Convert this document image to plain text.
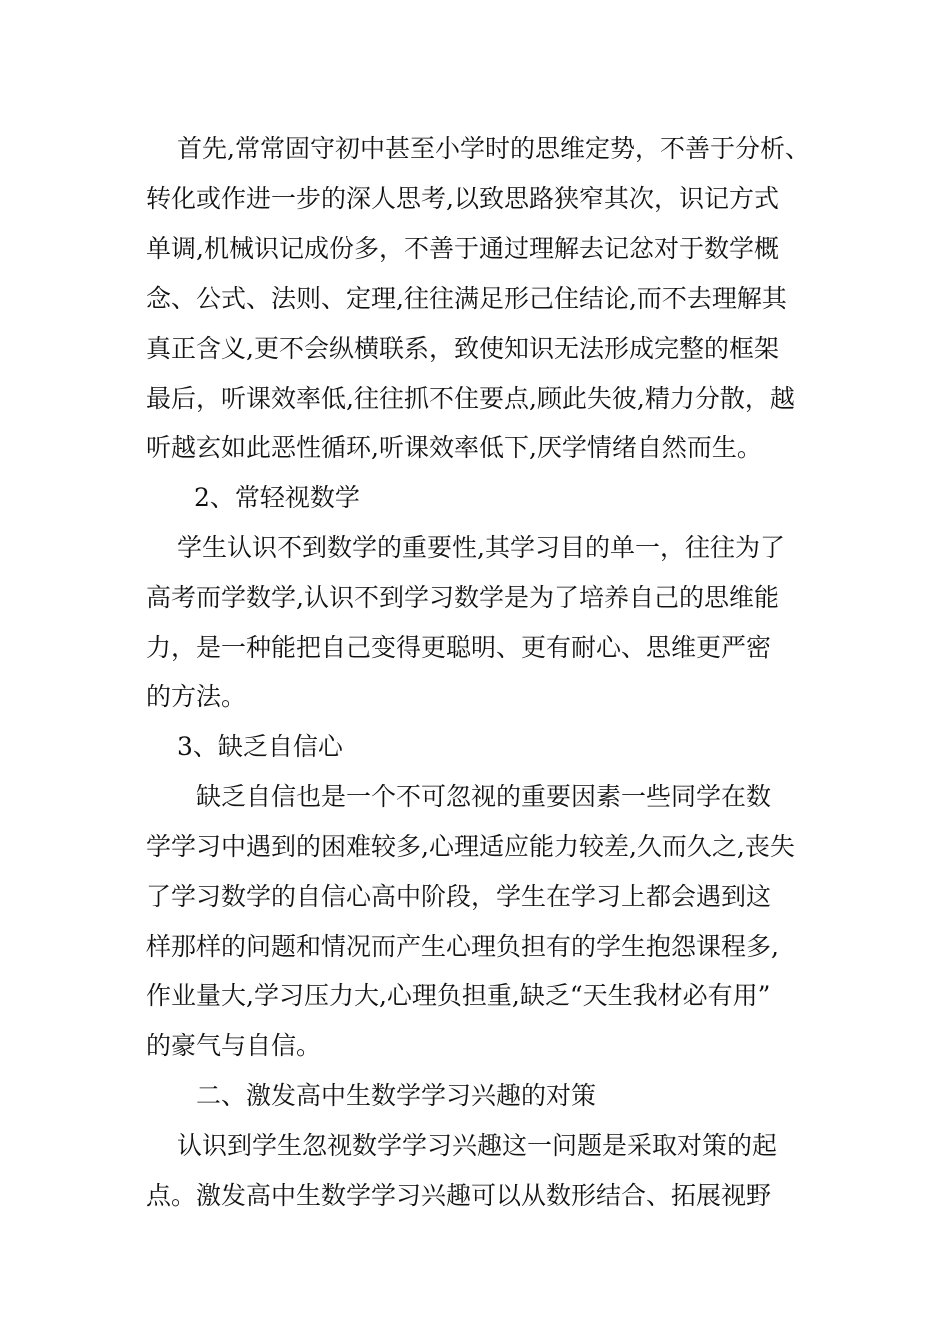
首先,常常固守初中甚至小学时的思维定势，不善于分析、
转化或作进一步的深人思考,以致思路狭窄其次，识记方式
单调,机械识记成份多，不善于通过理解去记忿对于数学概
念、公式、法则、定理,往往满足形己住结论,而不去理解其
真正含义,更不会纵横联系，致使知识无法形成完整的框架
最后，听课效率低,往往抓不住要点,顾此失彼,精力分散，越
听越玄如此恶性循环,听课效率低下,厌学情绪自然而生。
2、常轻视数学
学生认识不到数学的重要性,其学习目的单一，往往为了
高考而学数学,认识不到学习数学是为了培养自己的思维能
力，是一种能把自己变得更聪明、更有耐心、思维更严密
的方法。
3、缺乏自信心
缺乏自信也是一个不可忽视的重要因素一些同学在数
学学习中遇到的困难较多,心理适应能力较差,久而久之,丧失
了学习数学的自信心高中阶段，学生在学习上都会遇到这
样那样的问题和情况而产生心理负担有的学生抱怨课程多,
作业量大,学习压力大,心理负担重,缺乏“天生我材必有用”
的豪气与自信。
二、激发高中生数学学习兴趣的对策
认识到学生忽视数学学习兴趣这一问题是采取对策的起
点。激发高中生数学学习兴趣可以从数形结合、拓展视野
